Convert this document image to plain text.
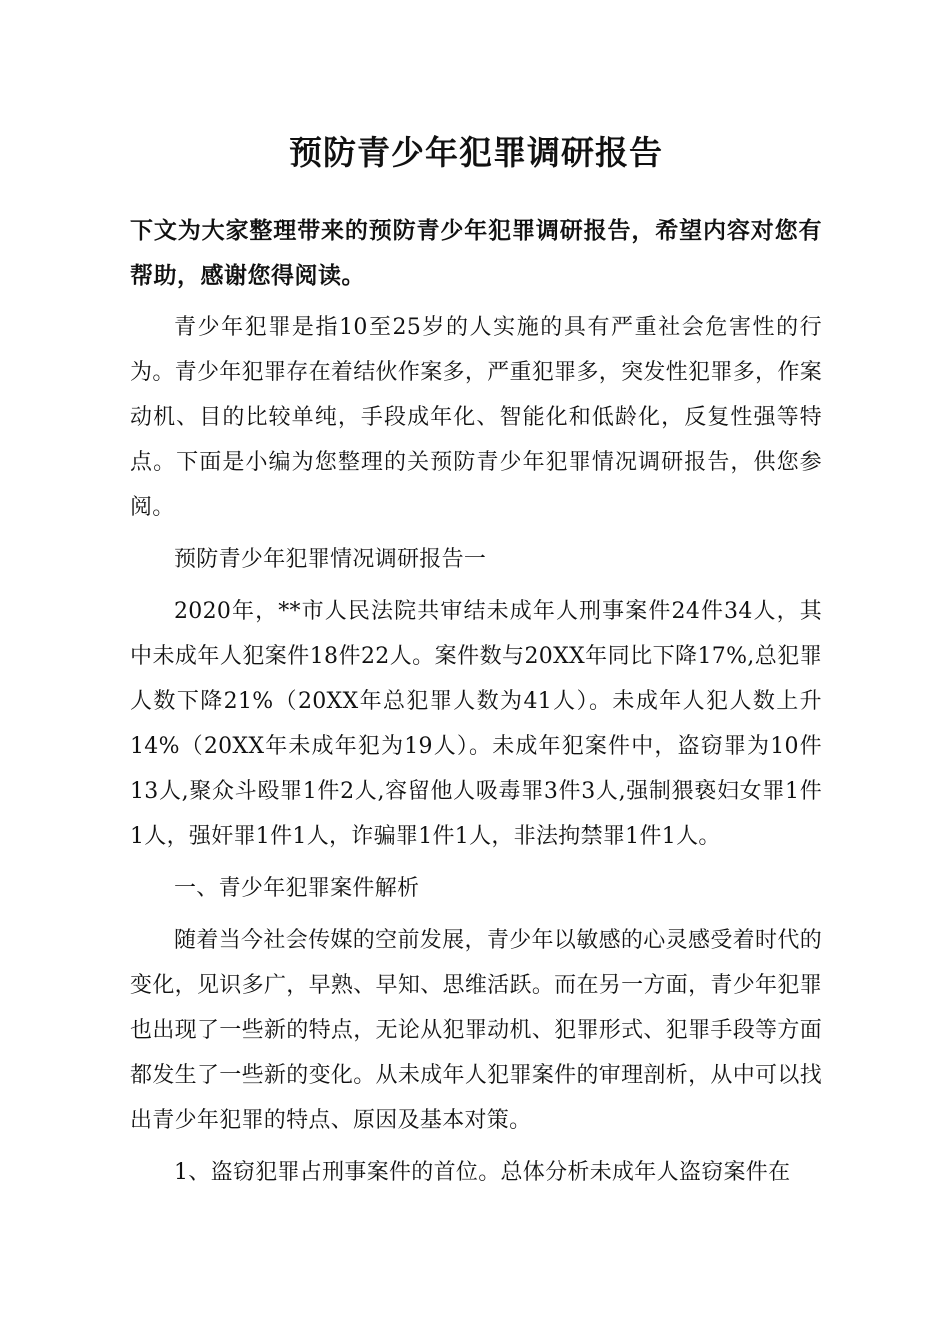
预防青少年犯罪调研报告

下文为大家整理带来的预防青少年犯罪调研报告，希望内容对您有帮助，感谢您得阅读。

青少年犯罪是指10至25岁的人实施的具有严重社会危害性的行为。青少年犯罪存在着结伙作案多，严重犯罪多，突发性犯罪多，作案动机、目的比较单纯，手段成年化、智能化和低龄化，反复性强等特点。下面是小编为您整理的关预防青少年犯罪情况调研报告，供您参阅。

预防青少年犯罪情况调研报告一

2020年，**市人民法院共审结未成年人刑事案件24件34人，其中未成年人犯案件18件22人。案件数与20XX年同比下降17%,总犯罪人数下降21%（20XX年总犯罪人数为41人）。未成年人犯人数上升14%（20XX年未成年犯为19人）。未成年犯案件中，盗窃罪为10件13人,聚众斗殴罪1件2人,容留他人吸毒罪3件3人,强制猥亵妇女罪1件1人，强奸罪1件1人，诈骗罪1件1人，非法拘禁罪1件1人。

一、青少年犯罪案件解析

随着当今社会传媒的空前发展，青少年以敏感的心灵感受着时代的变化，见识多广，早熟、早知、思维活跃。而在另一方面，青少年犯罪也出现了一些新的特点，无论从犯罪动机、犯罪形式、犯罪手段等方面都发生了一些新的变化。从未成年人犯罪案件的审理剖析，从中可以找出青少年犯罪的特点、原因及基本对策。

1、盗窃犯罪占刑事案件的首位。总体分析未成年人盗窃案件在
